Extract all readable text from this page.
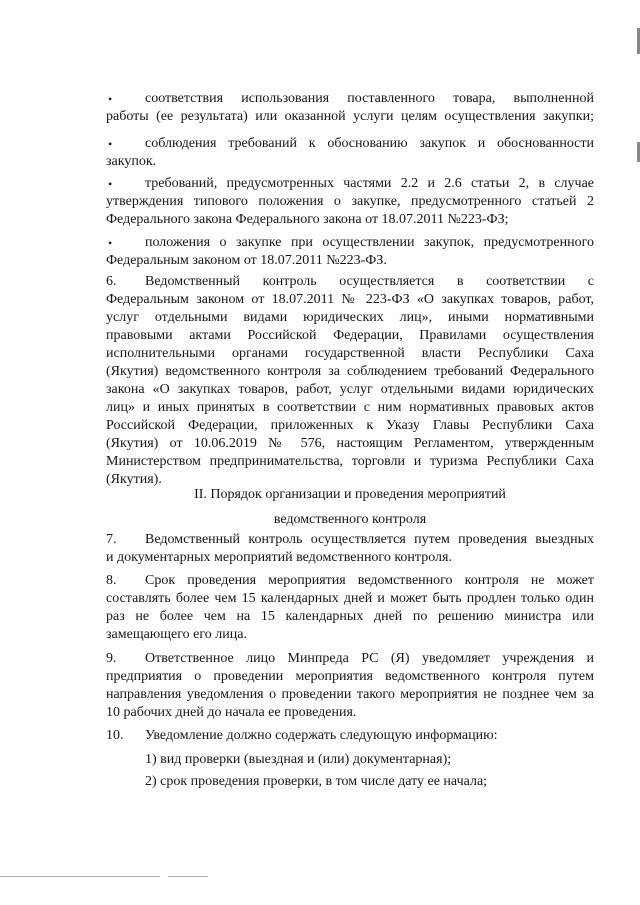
• соответствия использования поставленного товара, выполненной
работы (ее результата) или оказанной услуги целям осуществления закупки;
• соблюдения требований к обоснованию закупок и обоснованности
закупок.
• требований, предусмотренных частями 2.2 и 2.6 статьи 2, в случае
утверждения типового положения о закупке, предусмотренного статьей 2
Федерального закона Федерального закона от 18.07.2011 №223-ФЗ;
• положения о закупке при осуществлении закупок, предусмотренного
Федеральным законом от 18.07.2011 №223-ФЗ.
6. Ведомственный контроль осуществляется в соответствии с
Федеральным законом от 18.07.2011 № 223-ФЗ «О закупках товаров, работ,
услуг отдельными видами юридических лиц», иными нормативными
правовыми актами Российской Федерации, Правилами осуществления
исполнительными органами государственной власти Республики Саха
(Якутия) ведомственного контроля за соблюдением требований Федерального
закона «О закупках товаров, работ, услуг отдельными видами юридических
лиц» и иных принятых в соответствии с ним нормативных правовых актов
Российской Федерации, приложенных к Указу Главы Республики Саха
(Якутия) от 10.06.2019 № 576, настоящим Регламентом, утвержденным
Министерством предпринимательства, торговли и туризма Республики Саха
(Якутия).
II. Порядок организации и проведения мероприятий
ведомственного контроля
7. Ведомственный контроль осуществляется путем проведения выездных
и документарных мероприятий ведомственного контроля.
8. Срок проведения мероприятия ведомственного контроля не может
составлять более чем 15 календарных дней и может быть продлен только один
раз не более чем на 15 календарных дней по решению министра или
замещающего его лица.
9. Ответственное лицо Минпреда РС (Я) уведомляет учреждения и
предприятия о проведении мероприятия ведомственного контроля путем
направления уведомления о проведении такого мероприятия не позднее чем за
10 рабочих дней до начала ее проведения.
10. Уведомление должно содержать следующую информацию:
1) вид проверки (выездная и (или) документарная);
2) срок проведения проверки, в том числе дату ее начала;
